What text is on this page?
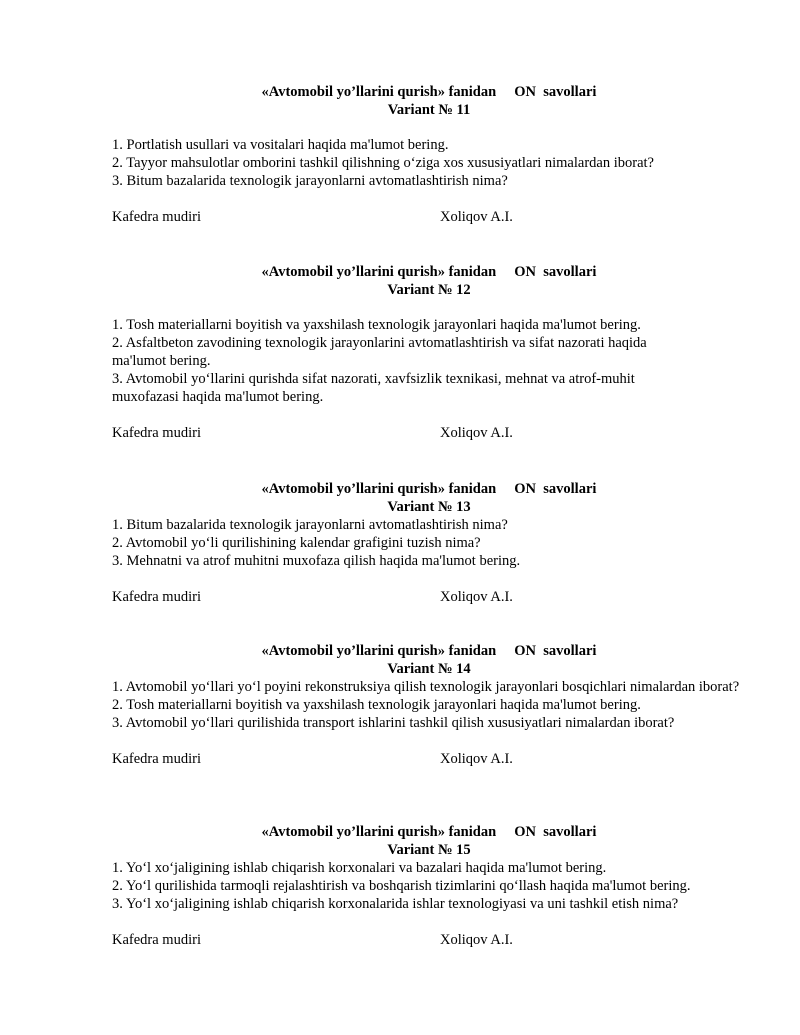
«Avtomobil yo’llarini qurish» fanidan     ON  savollari
Variant № 11

1. Portlatish usullari va vositalari haqida ma'lumot bering.

2. Tayyor mahsulotlar omborini tashkil qilishning oʻziga xos xususiyatlari nimalardan iborat?

3. Bitum bazalarida texnologik jarayonlarni avtomatlashtirish nima?

Kafedra mudiri	Xoliqov A.I.
«Avtomobil yo’llarini qurish» fanidan     ON  savollari
Variant № 12

1. Tosh materiallarni boyitish va yaxshilash texnologik jarayonlari haqida ma'lumot bering.

2. Asfaltbeton zavodining texnologik jarayonlarini avtomatlashtirish va sifat nazorati haqida ma'lumot bering.

3. Avtomobil yoʻllarini qurishda sifat nazorati, xavfsizlik texnikasi, mehnat va atrof-muhit muxofazasi haqida ma'lumot bering.

Kafedra mudiri	Xoliqov A.I.
«Avtomobil yo’llarini qurish» fanidan     ON  savollari
Variant № 13

1. Bitum bazalarida texnologik jarayonlarni avtomatlashtirish nima?

2. Avtomobil yoʻli qurilishining kalendar grafigini tuzish nima?

3. Mehnatni va atrof muhitni muxofaza qilish haqida ma'lumot bering.

Kafedra mudiri	Xoliqov A.I.
«Avtomobil yo’llarini qurish» fanidan     ON  savollari
Variant № 14

1. Avtomobil yoʻllari yoʻl poyini rekonstruksiya qilish texnologik jarayonlari bosqichlari nimalardan iborat?

2. Tosh materiallarni boyitish va yaxshilash texnologik jarayonlari haqida ma'lumot bering.

3. Avtomobil yoʻllari qurilishida transport ishlarini tashkil qilish xususiyatlari nimalardan iborat?

Kafedra mudiri	Xoliqov A.I.
«Avtomobil yo’llarini qurish» fanidan     ON  savollari
Variant № 15

1. Yoʻl xoʻjaligining ishlab chiqarish korxonalari va bazalari haqida ma'lumot bering.

2. Yoʻl qurilishida tarmoqli rejalashtirish va boshqarish tizimlarini qoʻllash haqida ma'lumot bering.

3. Yoʻl xoʻjaligining ishlab chiqarish korxonalarida ishlar texnologiyasi va uni tashkil etish nima?

Kafedra mudiri	Xoliqov A.I.
